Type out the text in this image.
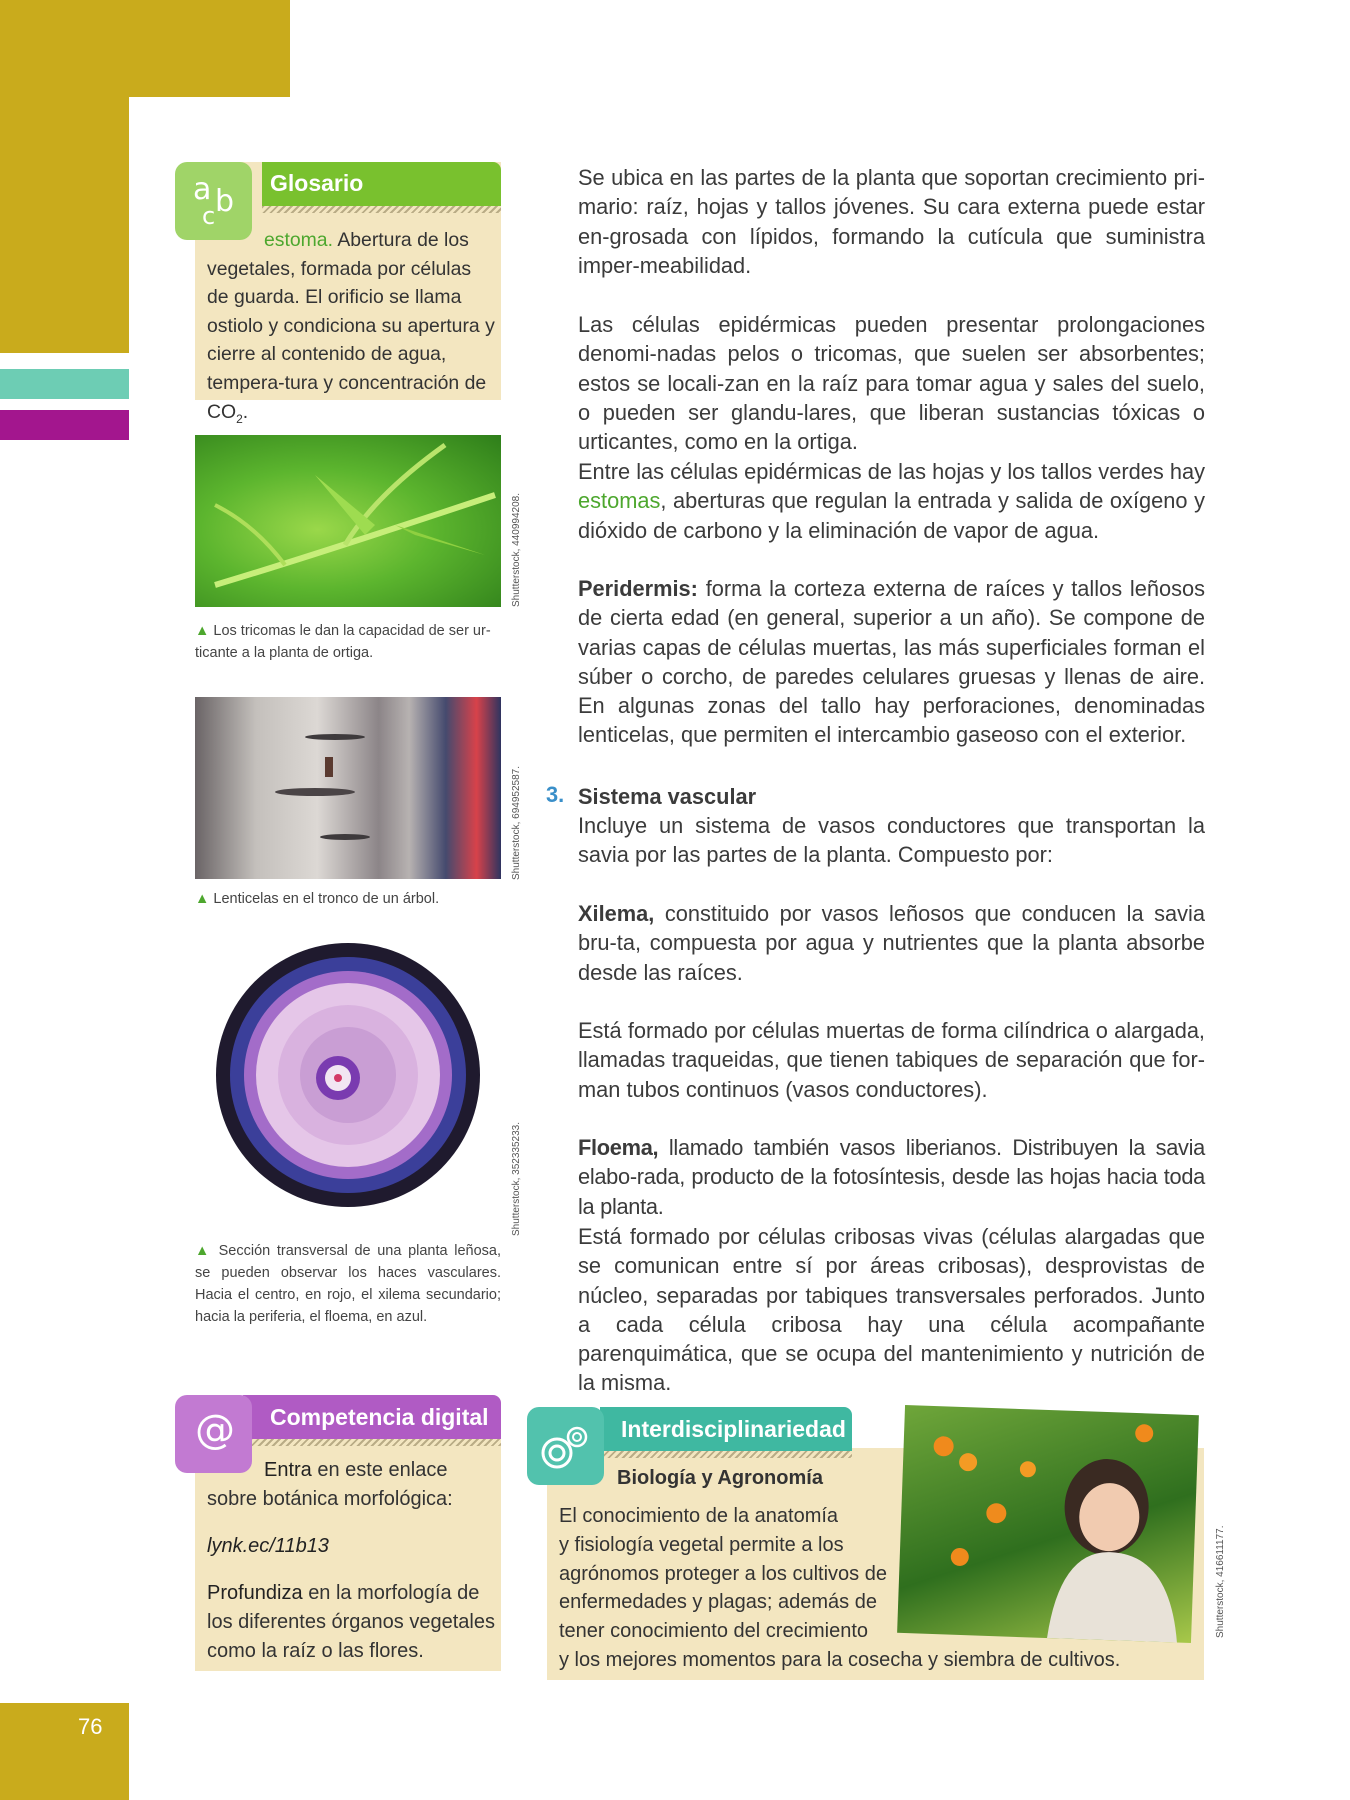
76
a b
c
Glosario
estoma. Abertura de los vegetales, formada por células de guarda. El orificio se llama ostiolo y condiciona su apertura y cierre al contenido de agua, tempera-tura y concentración de $CO_2$.
Shutterstock, 440994208.
▲ Los tricomas le dan la capacidad de ser ur-ticante a la planta de ortiga.
Shutterstock, 694952587.
▲ Lenticelas en el tronco de un árbol.
Shutterstock, 352335233.
▲ Sección transversal de una planta leñosa, se pueden observar los haces vasculares. Hacia el centro, en rojo, el xilema secundario; hacia la periferia, el floema, en azul.
Se ubica en las partes de la planta que soportan crecimiento pri-mario: raíz, hojas y tallos jóvenes. Su cara externa puede estar en-grosada con lípidos, formando la cutícula que suministra imper-meabilidad.
Las células epidérmicas pueden presentar prolongaciones denomi-nadas pelos o tricomas, que suelen ser absorbentes; estos se locali-zan en la raíz para tomar agua y sales del suelo, o pueden ser glandu-lares, que liberan sustancias tóxicas o urticantes, como en la ortiga.
Entre las células epidérmicas de las hojas y los tallos verdes hay estomas, aberturas que regulan la entrada y salida de oxígeno y dióxido de carbono y la eliminación de vapor de agua.
Peridermis: forma la corteza externa de raíces y tallos leñosos de cierta edad (en general, superior a un año). Se compone de varias capas de células muertas, las más superficiales forman el súber o corcho, de paredes celulares gruesas y llenas de aire. En algunas zonas del tallo hay perforaciones, denominadas lenticelas, que permiten el intercambio gaseoso con el exterior.
3. Sistema vascular
Incluye un sistema de vasos conductores que transportan la savia por las partes de la planta. Compuesto por:
Xilema, constituido por vasos leñosos que conducen la savia bru-ta, compuesta por agua y nutrientes que la planta absorbe desde las raíces.
Está formado por células muertas de forma cilíndrica o alargada, llamadas traqueidas, que tienen tabiques de separación que for-man tubos continuos (vasos conductores).
Floema, llamado también vasos liberianos. Distribuyen la savia elabo-rada, producto de la fotosíntesis, desde las hojas hacia toda la planta.
Está formado por células cribosas vivas (células alargadas que se comunican entre sí por áreas cribosas), desprovistas de núcleo, separadas por tabiques transversales perforados. Junto a cada célula cribosa hay una célula acompañante parenquimática, que se ocupa del mantenimiento y nutrición de la misma.
@ Competencia digital

Entra en este enlace sobre botánica morfológica:

lynk.ec/11b13

Profundiza en la morfología de los diferentes órganos vegetales como la raíz o las flores.

Interdisciplinariedad
Biología y Agronomía
El conocimiento de la anatomía
y fisiología vegetal permite a los
agrónomos proteger a los cultivos de
enfermedades y plagas; además de
tener conocimiento del crecimiento
y los mejores momentos para la cosecha y siembra de cultivos.
Shutterstock, 416611177.
